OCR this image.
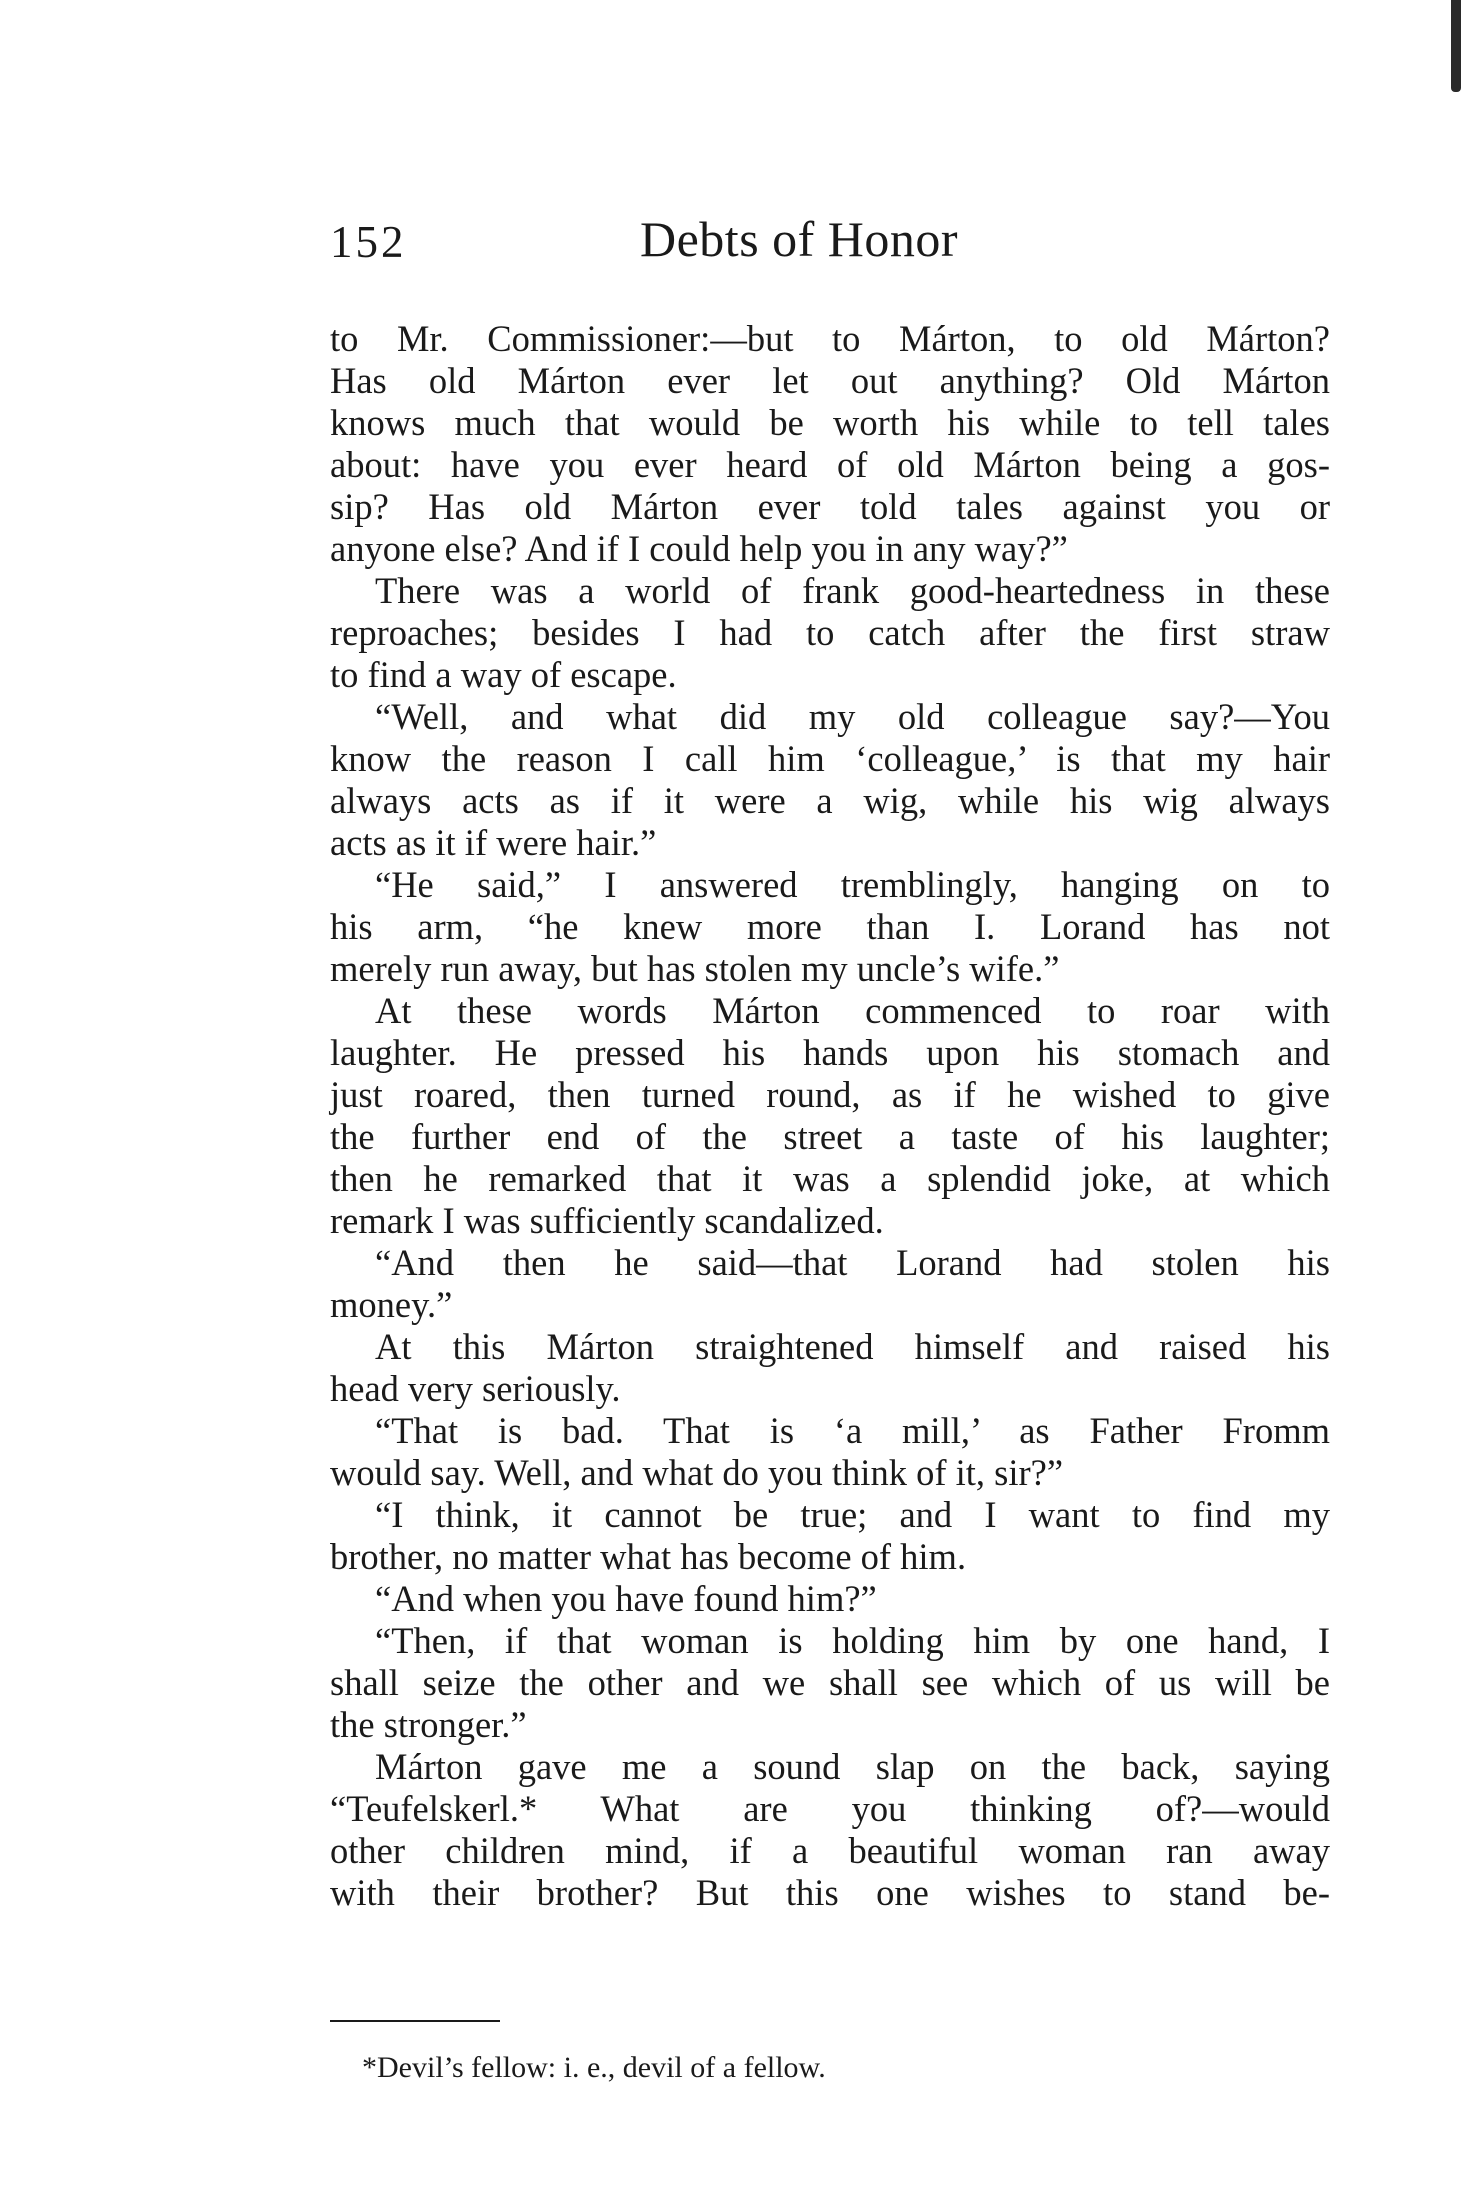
152	Debts of Honor
to Mr. Commissioner:—but to Márton, to old Márton?
Has old Márton ever let out anything? Old Márton
knows much that would be worth his while to tell tales
about: have you ever heard of old Márton being a gos-
sip? Has old Márton ever told tales against you or
anyone else? And if I could help you in any way?”
There was a world of frank good-heartedness in these
reproaches; besides I had to catch after the first straw
to find a way of escape.
“Well, and what did my old colleague say?—You
know the reason I call him ‘colleague,’ is that my hair
always acts as if it were a wig, while his wig always
acts as it if were hair.”
“He said,” I answered tremblingly, hanging on to
his arm, “he knew more than I. Lorand has not
merely run away, but has stolen my uncle’s wife.”
At these words Márton commenced to roar with
laughter. He pressed his hands upon his stomach and
just roared, then turned round, as if he wished to give
the further end of the street a taste of his laughter;
then he remarked that it was a splendid joke, at which
remark I was sufficiently scandalized.
“And then he said—that Lorand had stolen his
money.”
At this Márton straightened himself and raised his
head very seriously.
“That is bad. That is ‘a mill,’ as Father Fromm
would say. Well, and what do you think of it, sir?”
“I think, it cannot be true; and I want to find my
brother, no matter what has become of him.
“And when you have found him?”
“Then, if that woman is holding him by one hand, I
shall seize the other and we shall see which of us will be
the stronger.”
Márton gave me a sound slap on the back, saying
“Teufelskerl.* What are you thinking of?—would
other children mind, if a beautiful woman ran away
with their brother? But this one wishes to stand be-
*Devil’s fellow: i. e., devil of a fellow.
